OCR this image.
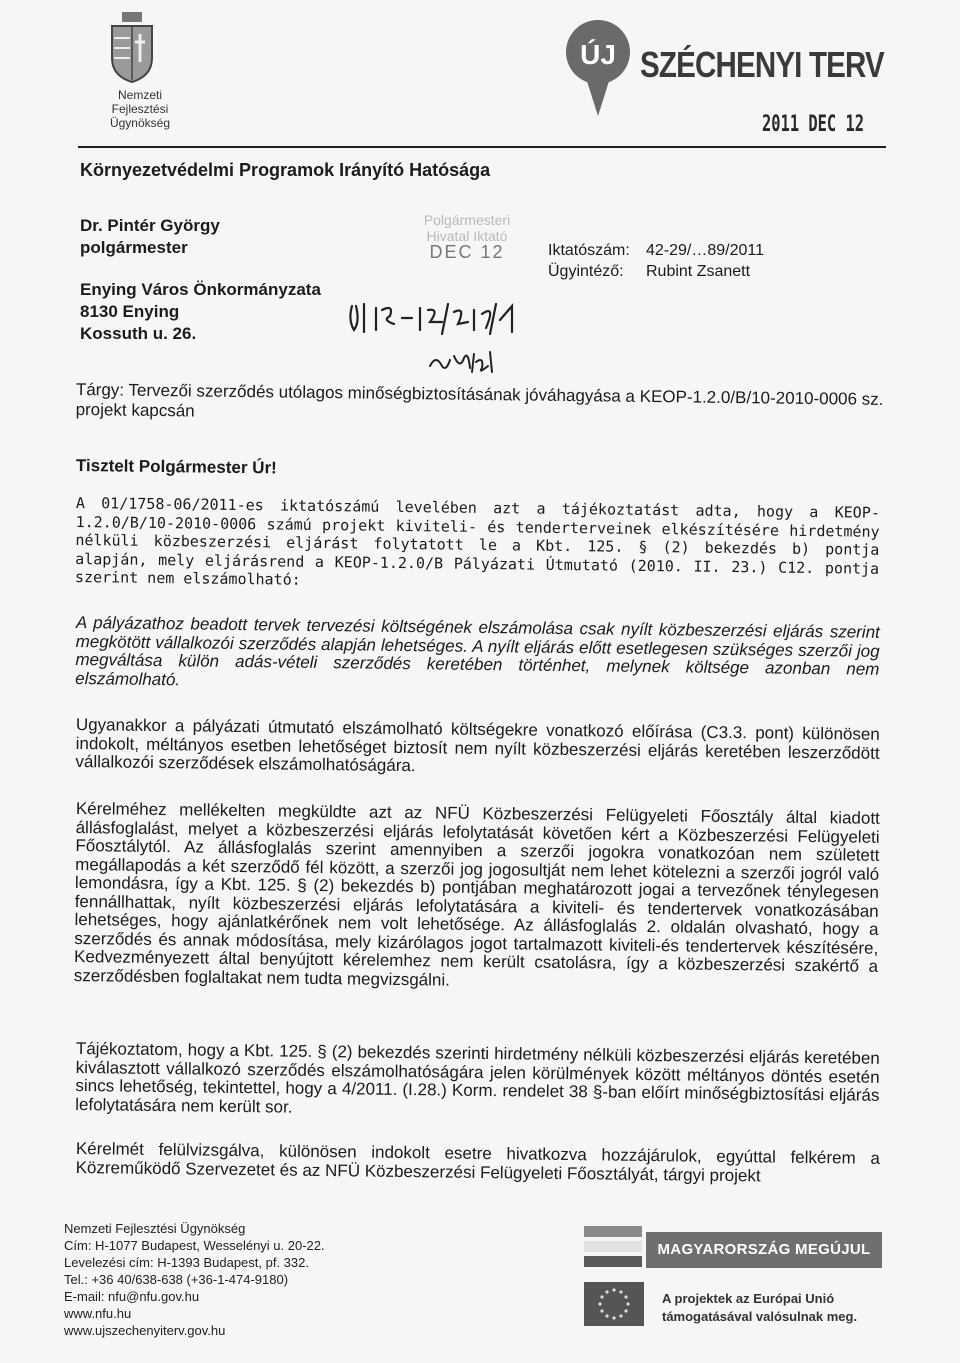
Nemzeti
Fejlesztési Ügynökség
ÚJ SZÉCHENYI TERV
2011 DEC 12
Környezetvédelmi Programok Irányító Hatósága
Dr. Pintér György
polgármester
Enying Város Önkormányzata
8130 Enying
Kossuth u. 26.
Polgármesteri
Hivatal Iktató
DEC 12	Iktatószám:	42-29/…89/2011
Ügyintéző:	Rubint Zsanett
Tárgy: Tervezői szerződés utólagos minőségbiztosításának jóváhagyása a KEOP-1.2.0/B/10-2010-0006 sz. projekt kapcsán
Tisztelt Polgármester Úr!
A 01/1758-06/2011-es iktatószámú levelében azt a tájékoztatást adta, hogy a KEOP-1.2.0/B/10-2010-0006 számú projekt kiviteli- és tenderterveinek elkészítésére hirdetmény nélküli közbeszerzési eljárást folytatott le a Kbt. 125. § (2) bekezdés b) pontja alapján, mely eljárásrend a KEOP-1.2.0/B Pályázati Útmutató (2010. II. 23.) C12. pontja szerint nem elszámolható:
A pályázathoz beadott tervek tervezési költségének elszámolása csak nyílt közbeszerzési eljárás szerint megkötött vállalkozói szerződés alapján lehetséges. A nyílt eljárás előtt esetlegesen szükséges szerzői jog megváltása külön adás-vételi szerződés keretében történhet, melynek költsége azonban nem elszámolható.
Ugyanakkor a pályázati útmutató elszámolható költségekre vonatkozó előírása (C3.3. pont) különösen indokolt, méltányos esetben lehetőséget biztosít nem nyílt közbeszerzési eljárás keretében leszerződött vállalkozói szerződések elszámolhatóságára.
Kérelméhez mellékelten megküldte azt az NFÜ Közbeszerzési Felügyeleti Főosztály által kiadott állásfoglalást, melyet a közbeszerzési eljárás lefolytatását követően kért a Közbeszerzési Felügyeleti Főosztálytól. Az állásfoglalás szerint amennyiben a szerzői jogokra vonatkozóan nem született megállapodás a két szerződő fél között, a szerzői jog jogosultját nem lehet kötelezni a szerzői jogról való lemondásra, így a Kbt. 125. § (2) bekezdés b) pontjában meghatározott jogai a tervezőnek ténylegesen fennállhattak, nyílt közbeszerzési eljárás lefolytatására a kiviteli- és tendertervek vonatkozásában lehetséges, hogy ajánlatkérőnek nem volt lehetősége. Az állásfoglalás 2. oldalán olvasható, hogy a szerződés és annak módosítása, mely kizárólagos jogot tartalmazott kiviteli-és tendertervek készítésére, Kedvezményezett által benyújtott kérelemhez nem került csatolásra, így a közbeszerzési szakértő a szerződésben foglaltakat nem tudta megvizsgálni.
Tájékoztatom, hogy a Kbt. 125. § (2) bekezdés szerinti hirdetmény nélküli közbeszerzési eljárás keretében kiválasztott vállalkozó szerződés elszámolhatóságára jelen körülmények között méltányos döntés esetén sincs lehetőség, tekintettel, hogy a 4/2011. (I.28.) Korm. rendelet 38 §-ban előírt minőségbiztosítási eljárás lefolytatására nem került sor.
Kérelmét felülvizsgálva, különösen indokolt esetre hivatkozva hozzájárulok, egyúttal felkérem a Közreműködő Szervezetet és az NFÜ Közbeszerzési Felügyeleti Főosztályát, tárgyi projekt
Nemzeti Fejlesztési Ügynökség
Cím: H-1077 Budapest, Wesselényi u. 20-22.
Levelezési cím: H-1393 Budapest, pf. 332.
Tel.: +36 40/638-638 (+36-1-474-9180)
E-mail: nfu@nfu.gov.hu
www.nfu.hu
www.ujszechenyiterv.gov.hu
MAGYARORSZÁG MEGÚJUL
A projektek az Európai Unió
támogatásával valósulnak meg.
